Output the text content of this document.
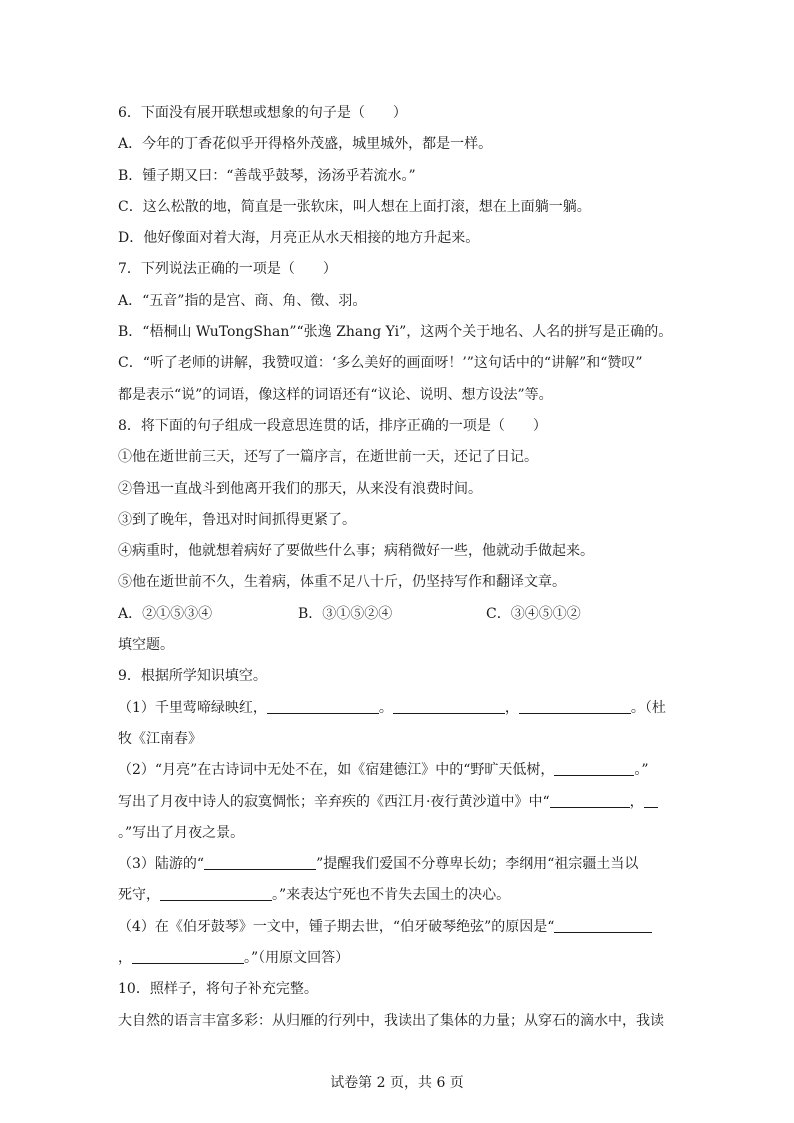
6．下面没有展开联想或想象的句子是（　　）
A．今年的丁香花似乎开得格外茂盛，城里城外，都是一样。
B．锺子期又曰：“善哉乎鼓琴，汤汤乎若流水。”
C．这么松散的地，简直是一张软床，叫人想在上面打滚，想在上面躺一躺。
D．他好像面对着大海，月亮正从水天相接的地方升起来。
7．下列说法正确的一项是（　　）
A．“五音”指的是宫、商、角、徵、羽。
B．“梧桐山 WuTongShan”“张逸 Zhang Yi”，这两个关于地名、人名的拼写是正确的。
C．“听了老师的讲解，我赞叹道：‘多么美好的画面呀！’”这句话中的“讲解”和“赞叹”
都是表示“说”的词语，像这样的词语还有“议论、说明、想方设法”等。
8．将下面的句子组成一段意思连贯的话，排序正确的一项是（　　）
①他在逝世前三天，还写了一篇序言，在逝世前一天，还记了日记。
②鲁迅一直战斗到他离开我们的那天，从来没有浪费时间。
③到了晚年，鲁迅对时间抓得更紧了。
④病重时，他就想着病好了要做些什么事；病稍微好一些，他就动手做起来。
⑤他在逝世前不久，生着病，体重不足八十斤，仍坚持写作和翻译文章。
A．②①⑤③④	B．③①⑤②④	C．③④⑤①②
填空题。
9．根据所学知识填空。
（1）千里莺啼绿映红，	。	，	。（杜
牧《江南春》
（2）“月亮”在古诗词中无处不在，如《宿建德江》中的“野旷天低树，	。”
写出了月夜中诗人的寂寞惆怅；辛弃疾的《西江月·夜行黄沙道中》中“	，
。”写出了月夜之景。
（3）陆游的“	”提醒我们爱国不分尊卑长幼；李纲用“祖宗疆土当以
死守，	。”来表达宁死也不肯失去国土的决心。
（4）在《伯牙鼓琴》一文中，锺子期去世，“伯牙破琴绝弦”的原因是“
，	。”（用原文回答）
10．照样子，将句子补充完整。
大自然的语言丰富多彩：从归雁的行列中，我读出了集体的力量；从穿石的滴水中，我读
试卷第 2 页，共 6 页
